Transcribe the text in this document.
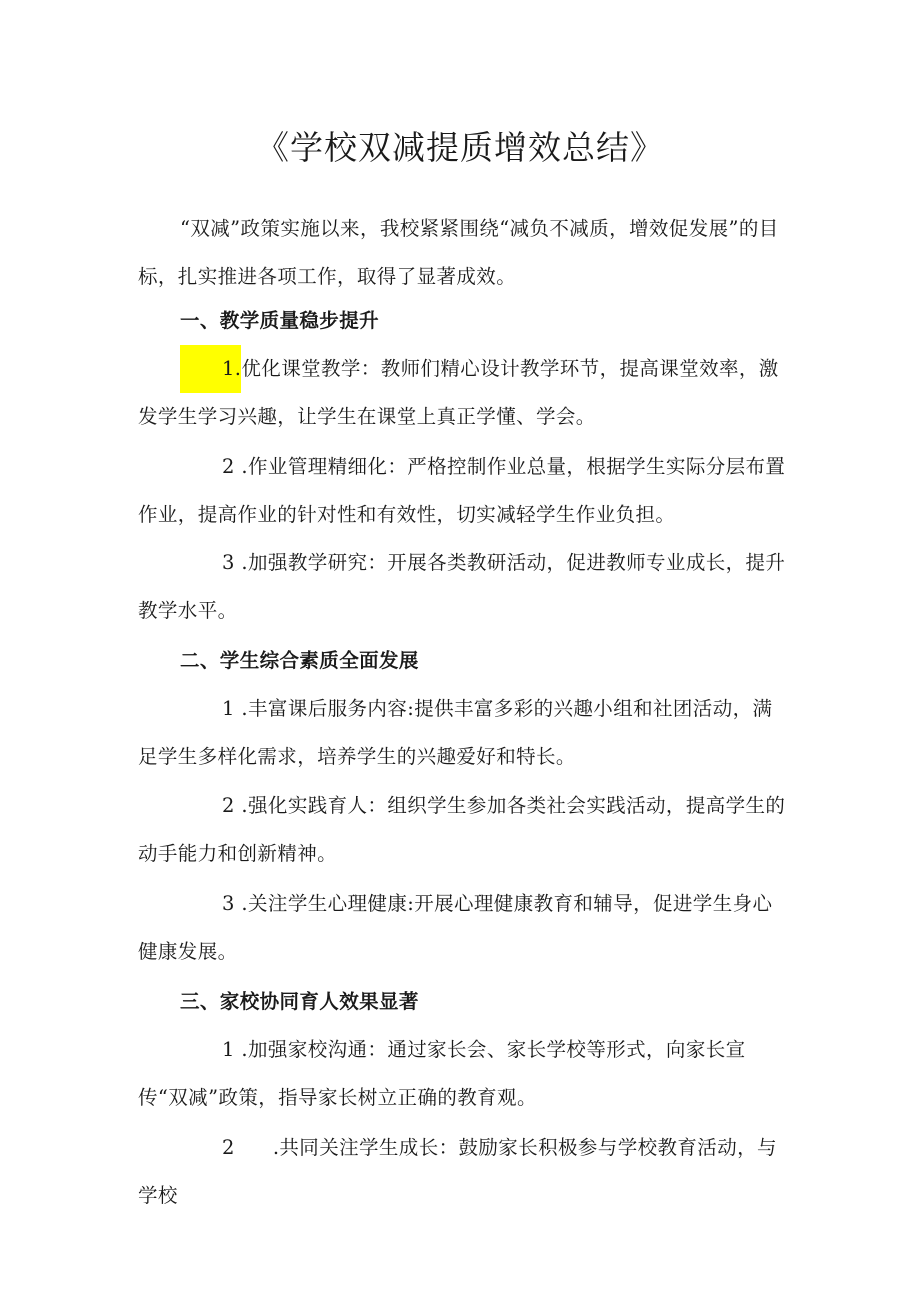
《学校双减提质增效总结》

“双减”政策实施以来，我校紧紧围绕“减负不减质，增效促发展”的目标，扎实推进各项工作，取得了显著成效。

一、教学质量稳步提升

1.优化课堂教学：教师们精心设计教学环节，提高课堂效率，激发学生学习兴趣，让学生在课堂上真正学懂、学会。

2 .作业管理精细化：严格控制作业总量，根据学生实际分层布置作业，提高作业的针对性和有效性，切实减轻学生作业负担。

3 .加强教学研究：开展各类教研活动，促进教师专业成长，提升教学水平。

二、学生综合素质全面发展

1 .丰富课后服务内容:提供丰富多彩的兴趣小组和社团活动，满足学生多样化需求，培养学生的兴趣爱好和特长。

2 .强化实践育人：组织学生参加各类社会实践活动，提高学生的动手能力和创新精神。

3 .关注学生心理健康:开展心理健康教育和辅导，促进学生身心健康发展。

三、家校协同育人效果显著

1 .加强家校沟通：通过家长会、家长学校等形式，向家长宣传“双减”政策，指导家长树立正确的教育观。

2 .共同关注学生成长：鼓励家长积极参与学校教育活动，与学校
